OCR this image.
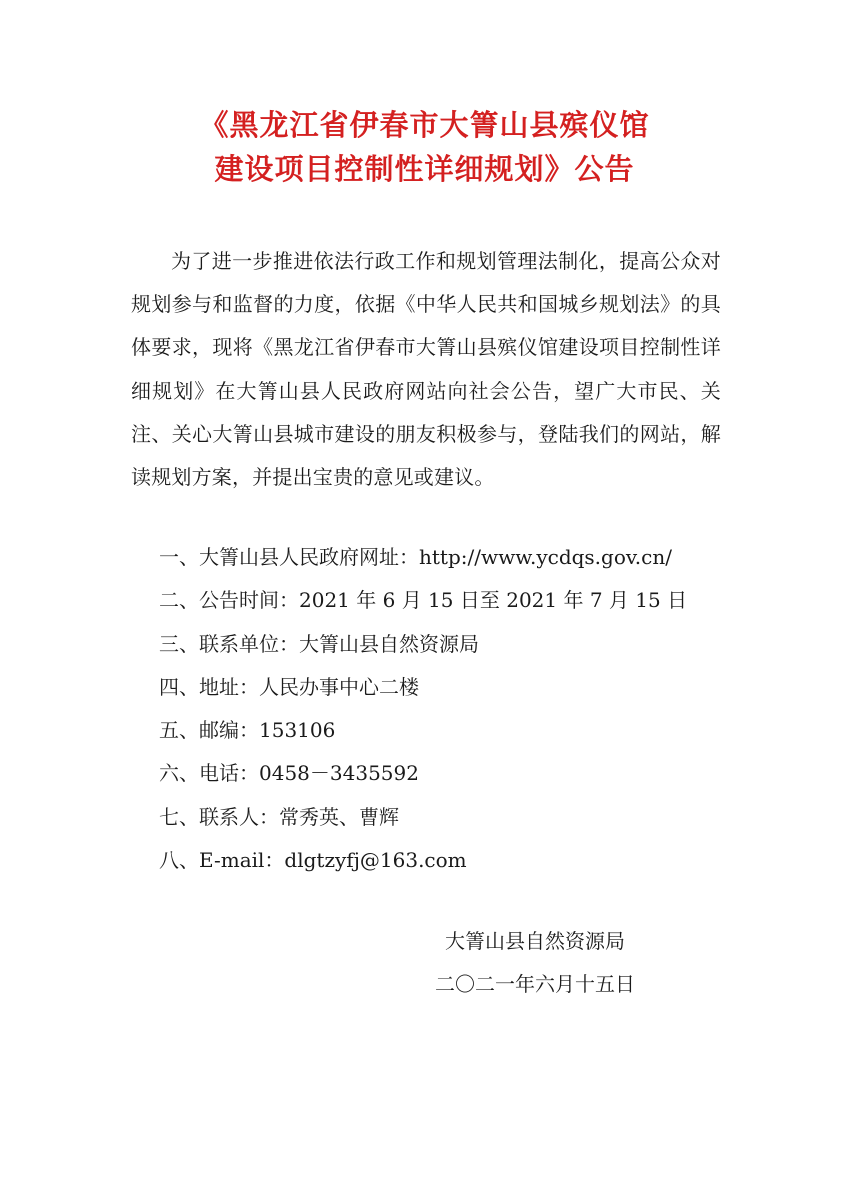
《黑龙江省伊春市大箐山县殡仪馆
建设项目控制性详细规划》公告

为了进一步推进依法行政工作和规划管理法制化，提高公众对规划参与和监督的力度，依据《中华人民共和国城乡规划法》的具体要求，现将《黑龙江省伊春市大箐山县殡仪馆建设项目控制性详细规划》在大箐山县人民政府网站向社会公告，望广大市民、关注、关心大箐山县城市建设的朋友积极参与，登陆我们的网站，解读规划方案，并提出宝贵的意见或建议。

一、大箐山县人民政府网址：http://www.ycdqs.gov.cn/
二、公告时间：2021 年 6 月 15 日至 2021 年 7 月 15 日
三、联系单位：大箐山县自然资源局
四、地址：人民办事中心二楼
五、邮编：153106
六、电话：0458－3435592
七、联系人：常秀英、曹辉
八、E-mail：dlgtzyfj@163.com
大箐山县自然资源局
二〇二一年六月十五日
